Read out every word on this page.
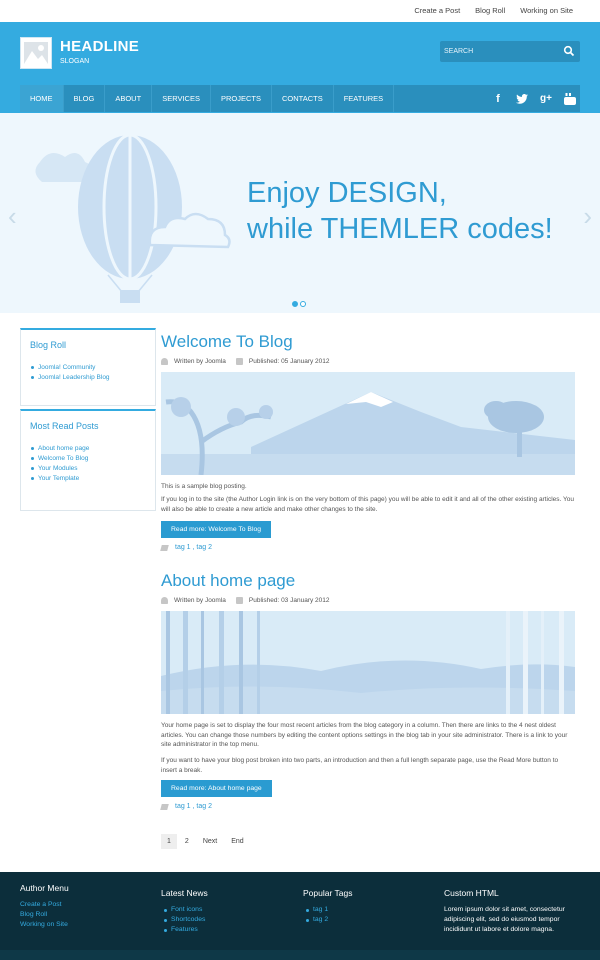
Create a Post Blog Roll Working on Site
HEADLINE
SLOGAN
SEARCH
HOME	BLOG	ABOUT	SERVICES	PROJECTS	CONTACTS	FEATURES	f	g+
‹	›
Enjoy DESIGN,
while THEMLER codes!
Blog Roll
Joomla! Community
Joomla! Leadership Blog
Most Read Posts
About home page
Welcome To Blog
Your Modules
Your Template
Welcome To Blog
Written by Joomla	Published: 05 January 2012
This is a sample blog posting.
If you log in to the site (the Author Login link is on the very bottom of this page) you will be able to edit it and all of the other existing articles. You will also be able to create a new article and make other changes to the site.
Read more: Welcome To Blog
tag 1 , tag 2
About home page
Written by Joomla	Published: 03 January 2012
Your home page is set to display the four most recent articles from the blog category in a column. Then there are links to the 4 nest oldest articles. You can change those numbers by editing the content options settings in the blog tab in your site administrator. There is a link to your site administrator in the top menu.
If you want to have your blog post broken into two parts, an introduction and then a full length separate page, use the Read More button to insert a break.
Read more: About home page
tag 1 , tag 2
1	2	Next	End
Author Menu
Create a Post
Blog Roll
Working on Site
Latest News
Font icons
Shortcodes
Features
Popular Tags
tag 1
tag 2
Custom HTML
Lorem ipsum dolor sit amet, consectetur adipiscing elit, sed do eiusmod tempor incididunt ut labore et dolore magna.
